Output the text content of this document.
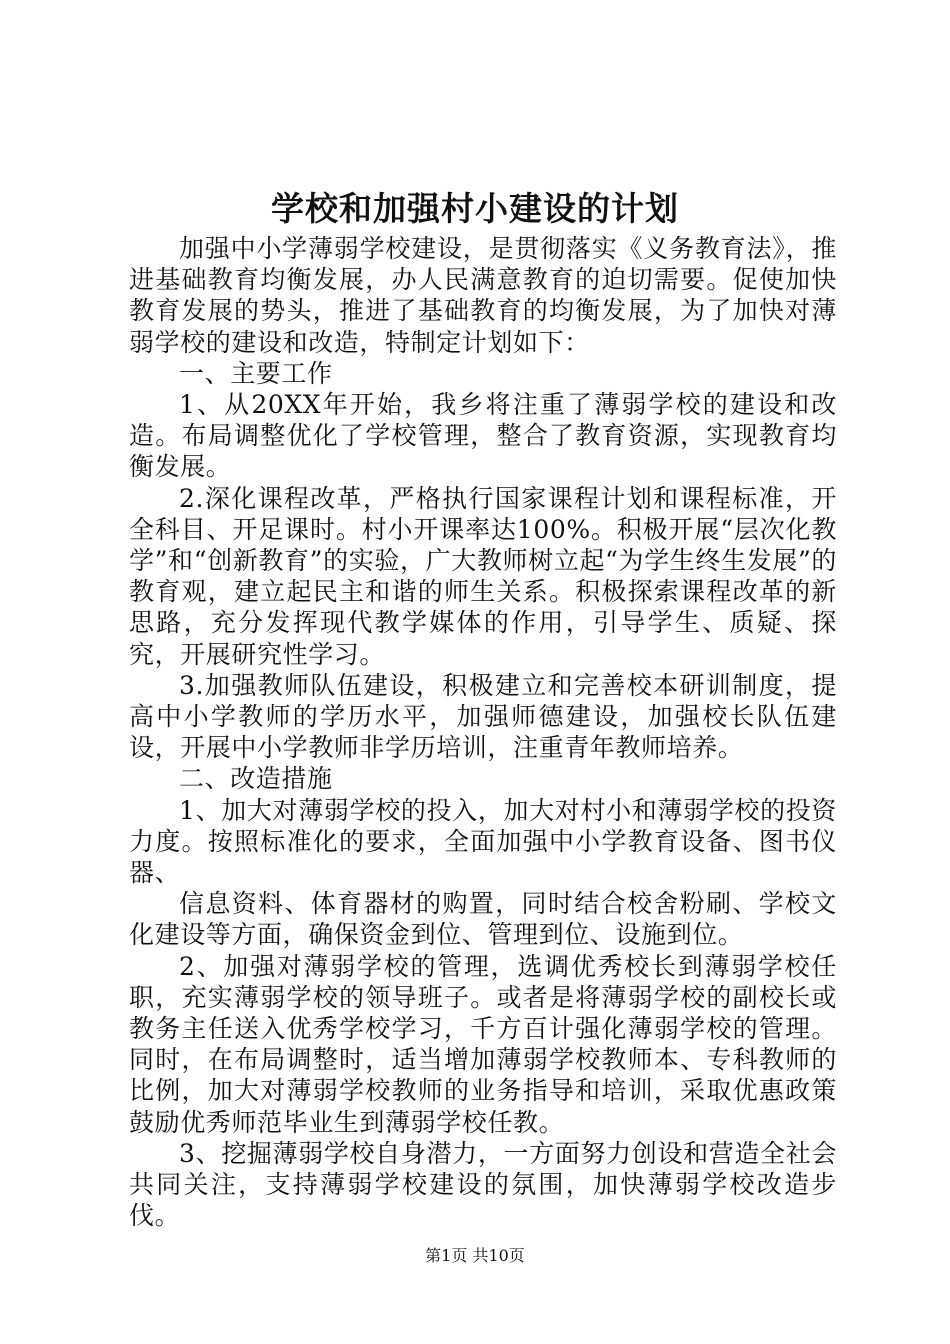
学校和加强村小建设的计划

加强中小学薄弱学校建设，是贯彻落实《义务教育法》，推进基础教育均衡发展，办人民满意教育的迫切需要。促使加快教育发展的势头，推进了基础教育的均衡发展，为了加快对薄弱学校的建设和改造，特制定计划如下：

一、主要工作

1、从20XX年开始，我乡将注重了薄弱学校的建设和改造。布局调整优化了学校管理，整合了教育资源，实现教育均衡发展。

2.深化课程改革，严格执行国家课程计划和课程标准，开全科目、开足课时。村小开课率达100%。积极开展“层次化教学”和“创新教育”的实验，广大教师树立起“为学生终生发展”的教育观，建立起民主和谐的师生关系。积极探索课程改革的新思路，充分发挥现代教学媒体的作用，引导学生、质疑、探究，开展研究性学习。

3.加强教师队伍建设，积极建立和完善校本研训制度，提高中小学教师的学历水平，加强师德建设，加强校长队伍建设，开展中小学教师非学历培训，注重青年教师培养。

二、改造措施

1、加大对薄弱学校的投入，加大对村小和薄弱学校的投资力度。按照标准化的要求，全面加强中小学教育设备、图书仪器、

信息资料、体育器材的购置，同时结合校舍粉刷、学校文化建设等方面，确保资金到位、管理到位、设施到位。

2、加强对薄弱学校的管理，选调优秀校长到薄弱学校任职，充实薄弱学校的领导班子。或者是将薄弱学校的副校长或教务主任送入优秀学校学习，千方百计强化薄弱学校的管理。同时，在布局调整时，适当增加薄弱学校教师本、专科教师的比例，加大对薄弱学校教师的业务指导和培训，采取优惠政策鼓励优秀师范毕业生到薄弱学校任教。

3、挖掘薄弱学校自身潜力，一方面努力创设和营造全社会共同关注，支持薄弱学校建设的氛围，加快薄弱学校改造步伐。

第1页 共10页
